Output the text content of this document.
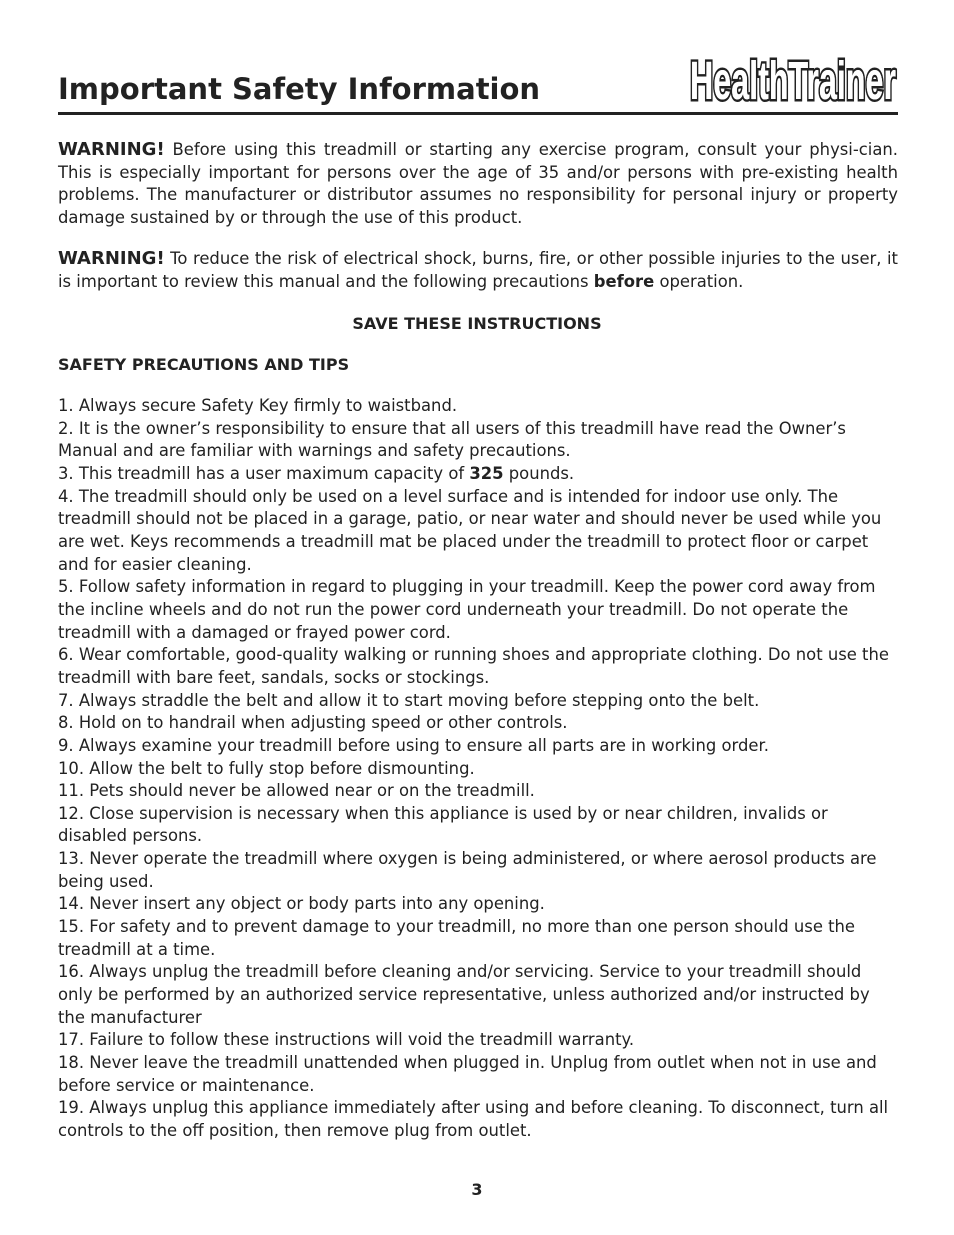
Important Safety Information	HealthTrainer
HealthTrainer
WARNING! Before using this treadmill or starting any exercise program, consult your physi-cian. This is especially important for persons over the age of 35 and/or persons with pre-existing health problems. The manufacturer or distributor assumes no responsibility for personal injury or property damage sustained by or through the use of this product.
WARNING! To reduce the risk of electrical shock, burns, fire, or other possible injuries to the user, it is important to review this manual and the following precautions before operation.
SAVE THESE INSTRUCTIONS
SAFETY PRECAUTIONS AND TIPS
1. Always secure Safety Key firmly to waistband.
2. It is the owner’s responsibility to ensure that all users of this treadmill have read the Owner’s Manual and are familiar with warnings and safety precautions.
3. This treadmill has a user maximum capacity of 325 pounds.
4. The treadmill should only be used on a level surface and is intended for indoor use only. The treadmill should not be placed in a garage, patio, or near water and should never be used while you are wet. Keys recommends a treadmill mat be placed under the treadmill to protect floor or carpet and for easier cleaning.
5. Follow safety information in regard to plugging in your treadmill. Keep the power cord away from the incline wheels and do not run the power cord underneath your treadmill. Do not operate the treadmill with a damaged or frayed power cord.
6. Wear comfortable, good-quality walking or running shoes and appropriate clothing. Do not use the treadmill with bare feet, sandals, socks or stockings.
7. Always straddle the belt and allow it to start moving before stepping onto the belt.
8. Hold on to handrail when adjusting speed or other controls.
9. Always examine your treadmill before using to ensure all parts are in working order.
10. Allow the belt to fully stop before dismounting.
11. Pets should never be allowed near or on the treadmill.
12. Close supervision is necessary when this appliance is used by or near children, invalids or disabled persons.
13. Never operate the treadmill where oxygen is being administered, or where aerosol products are being used.
14. Never insert any object or body parts into any opening.
15. For safety and to prevent damage to your treadmill, no more than one person should use the treadmill at a time.
16. Always unplug the treadmill before cleaning and/or servicing. Service to your treadmill should only be performed by an authorized service representative, unless authorized and/or instructed by the manufacturer
17. Failure to follow these instructions will void the treadmill warranty.
18. Never leave the treadmill unattended when plugged in. Unplug from outlet when not in use and before service or maintenance.
19. Always unplug this appliance immediately after using and before cleaning. To disconnect, turn all controls to the off position, then remove plug from outlet.
3
